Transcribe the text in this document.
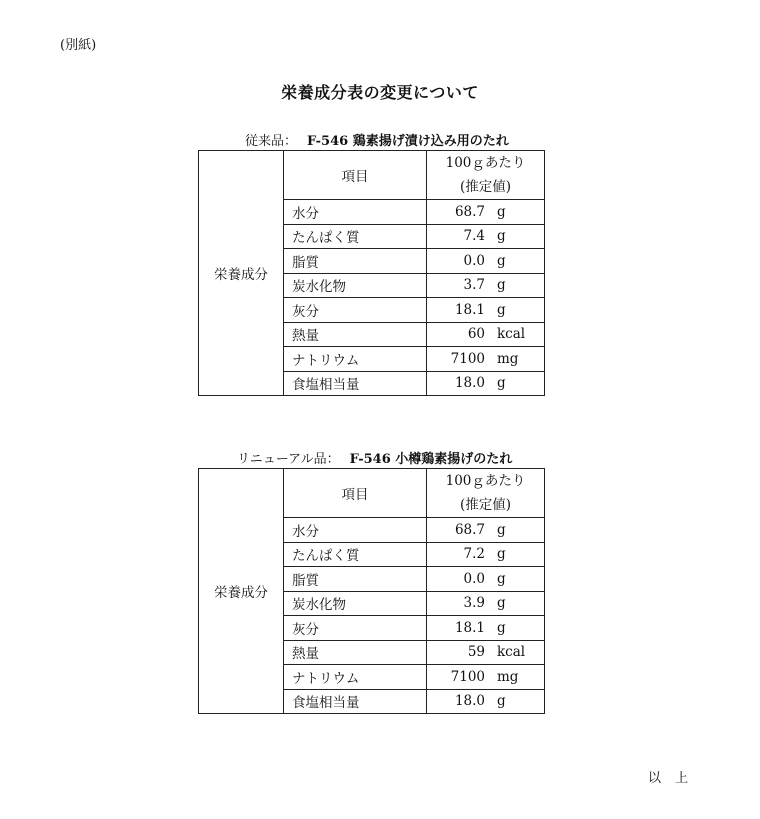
(別紙)
栄養成分表の変更について
従来品： F-546 鶏素揚げ漬け込み用のたれ
栄養成分	項目	100ｇあたり
(推定値)

	水分	68.7 g
	たんぱく質	7.4 g
	脂質	0.0 g
	炭水化物	3.7 g
	灰分	18.1 g
	熱量	60 kcal
	ナトリウム	7100 mg
	食塩相当量	18.0 g
リニューアル品： F-546 小樽鶏素揚げのたれ
栄養成分	項目	100ｇあたり
(推定値)

	水分	68.7 g
	たんぱく質	7.2 g
	脂質	0.0 g
	炭水化物	3.9 g
	灰分	18.1 g
	熱量	59 kcal
	ナトリウム	7100 mg
	食塩相当量	18.0 g
以上
